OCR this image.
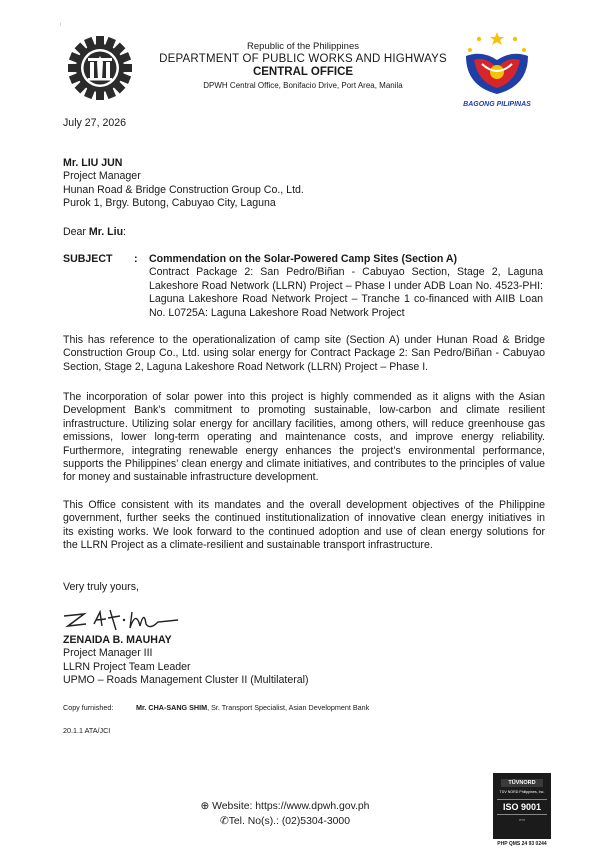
ᵢ
Republic of the Philippines
DEPARTMENT OF PUBLIC WORKS AND HIGHWAYS
CENTRAL OFFICE
DPWH Central Office, Bonifacio Drive, Port Area, Manila
BAGONG PILIPINAS
July 27, 2026
Mr. LIU JUN
Project Manager
Hunan Road & Bridge Construction Group Co., Ltd.
Purok 1, Brgy. Butong, Cabuyao City, Laguna
Dear Mr. Liu:
SUBJECT : Commendation on the Solar-Powered Camp Sites (Section A)
Contract Package 2: San Pedro/Biñan - Cabuyao Section, Stage 2, Laguna
Lakeshore Road Network (LLRN) Project – Phase I under ADB Loan No. 4523-PHI:
Laguna Lakeshore Road Network Project – Tranche 1 co-financed with AIIB Loan
No. L0725A: Laguna Lakeshore Road Network Project
This has reference to the operationalization of camp site (Section A) under Hunan Road & Bridge
Construction Group Co., Ltd. using solar energy for Contract Package 2: San Pedro/Biñan - Cabuyao
Section, Stage 2, Laguna Lakeshore Road Network (LLRN) Project – Phase I.
The incorporation of solar power into this project is highly commended as it aligns with the Asian
Development Bank’s commitment to promoting sustainable, low-carbon and climate resilient
infrastructure. Utilizing solar energy for ancillary facilities, among others, will reduce greenhouse gas
emissions, lower long-term operating and maintenance costs, and improve energy reliability.
Furthermore, integrating renewable energy enhances the project’s environmental performance,
supports the Philippines’ clean energy and climate initiatives, and contributes to the principles of value
for money and sustainable infrastructure development.
This Office consistent with its mandates and the overall development objectives of the Philippine
government, further seeks the continued institutionalization of innovative clean energy initiatives in
its existing works. We look forward to the continued adoption and use of clean energy solutions for
the LLRN Project as a climate-resilient and sustainable transport infrastructure.
Very truly yours,
ZENAIDA B. MAUHAY
Project Manager III
LLRN Project Team Leader
UPMO – Roads Management Cluster II (Multilateral)
Copy furnished:	Mr. CHA-SANG SHIM, Sr. Transport Specialist, Asian Development Bank
20.1.1 ATA/JCI
⊕ Website: https://www.dpwh.gov.ph
✆Tel. No(s).: (02)5304-3000
TÜVNORD
TÜV NORD Philippines, Inc.
ISO 9001
▪▪▪▪▪
PHP QMS 24 93 0244
